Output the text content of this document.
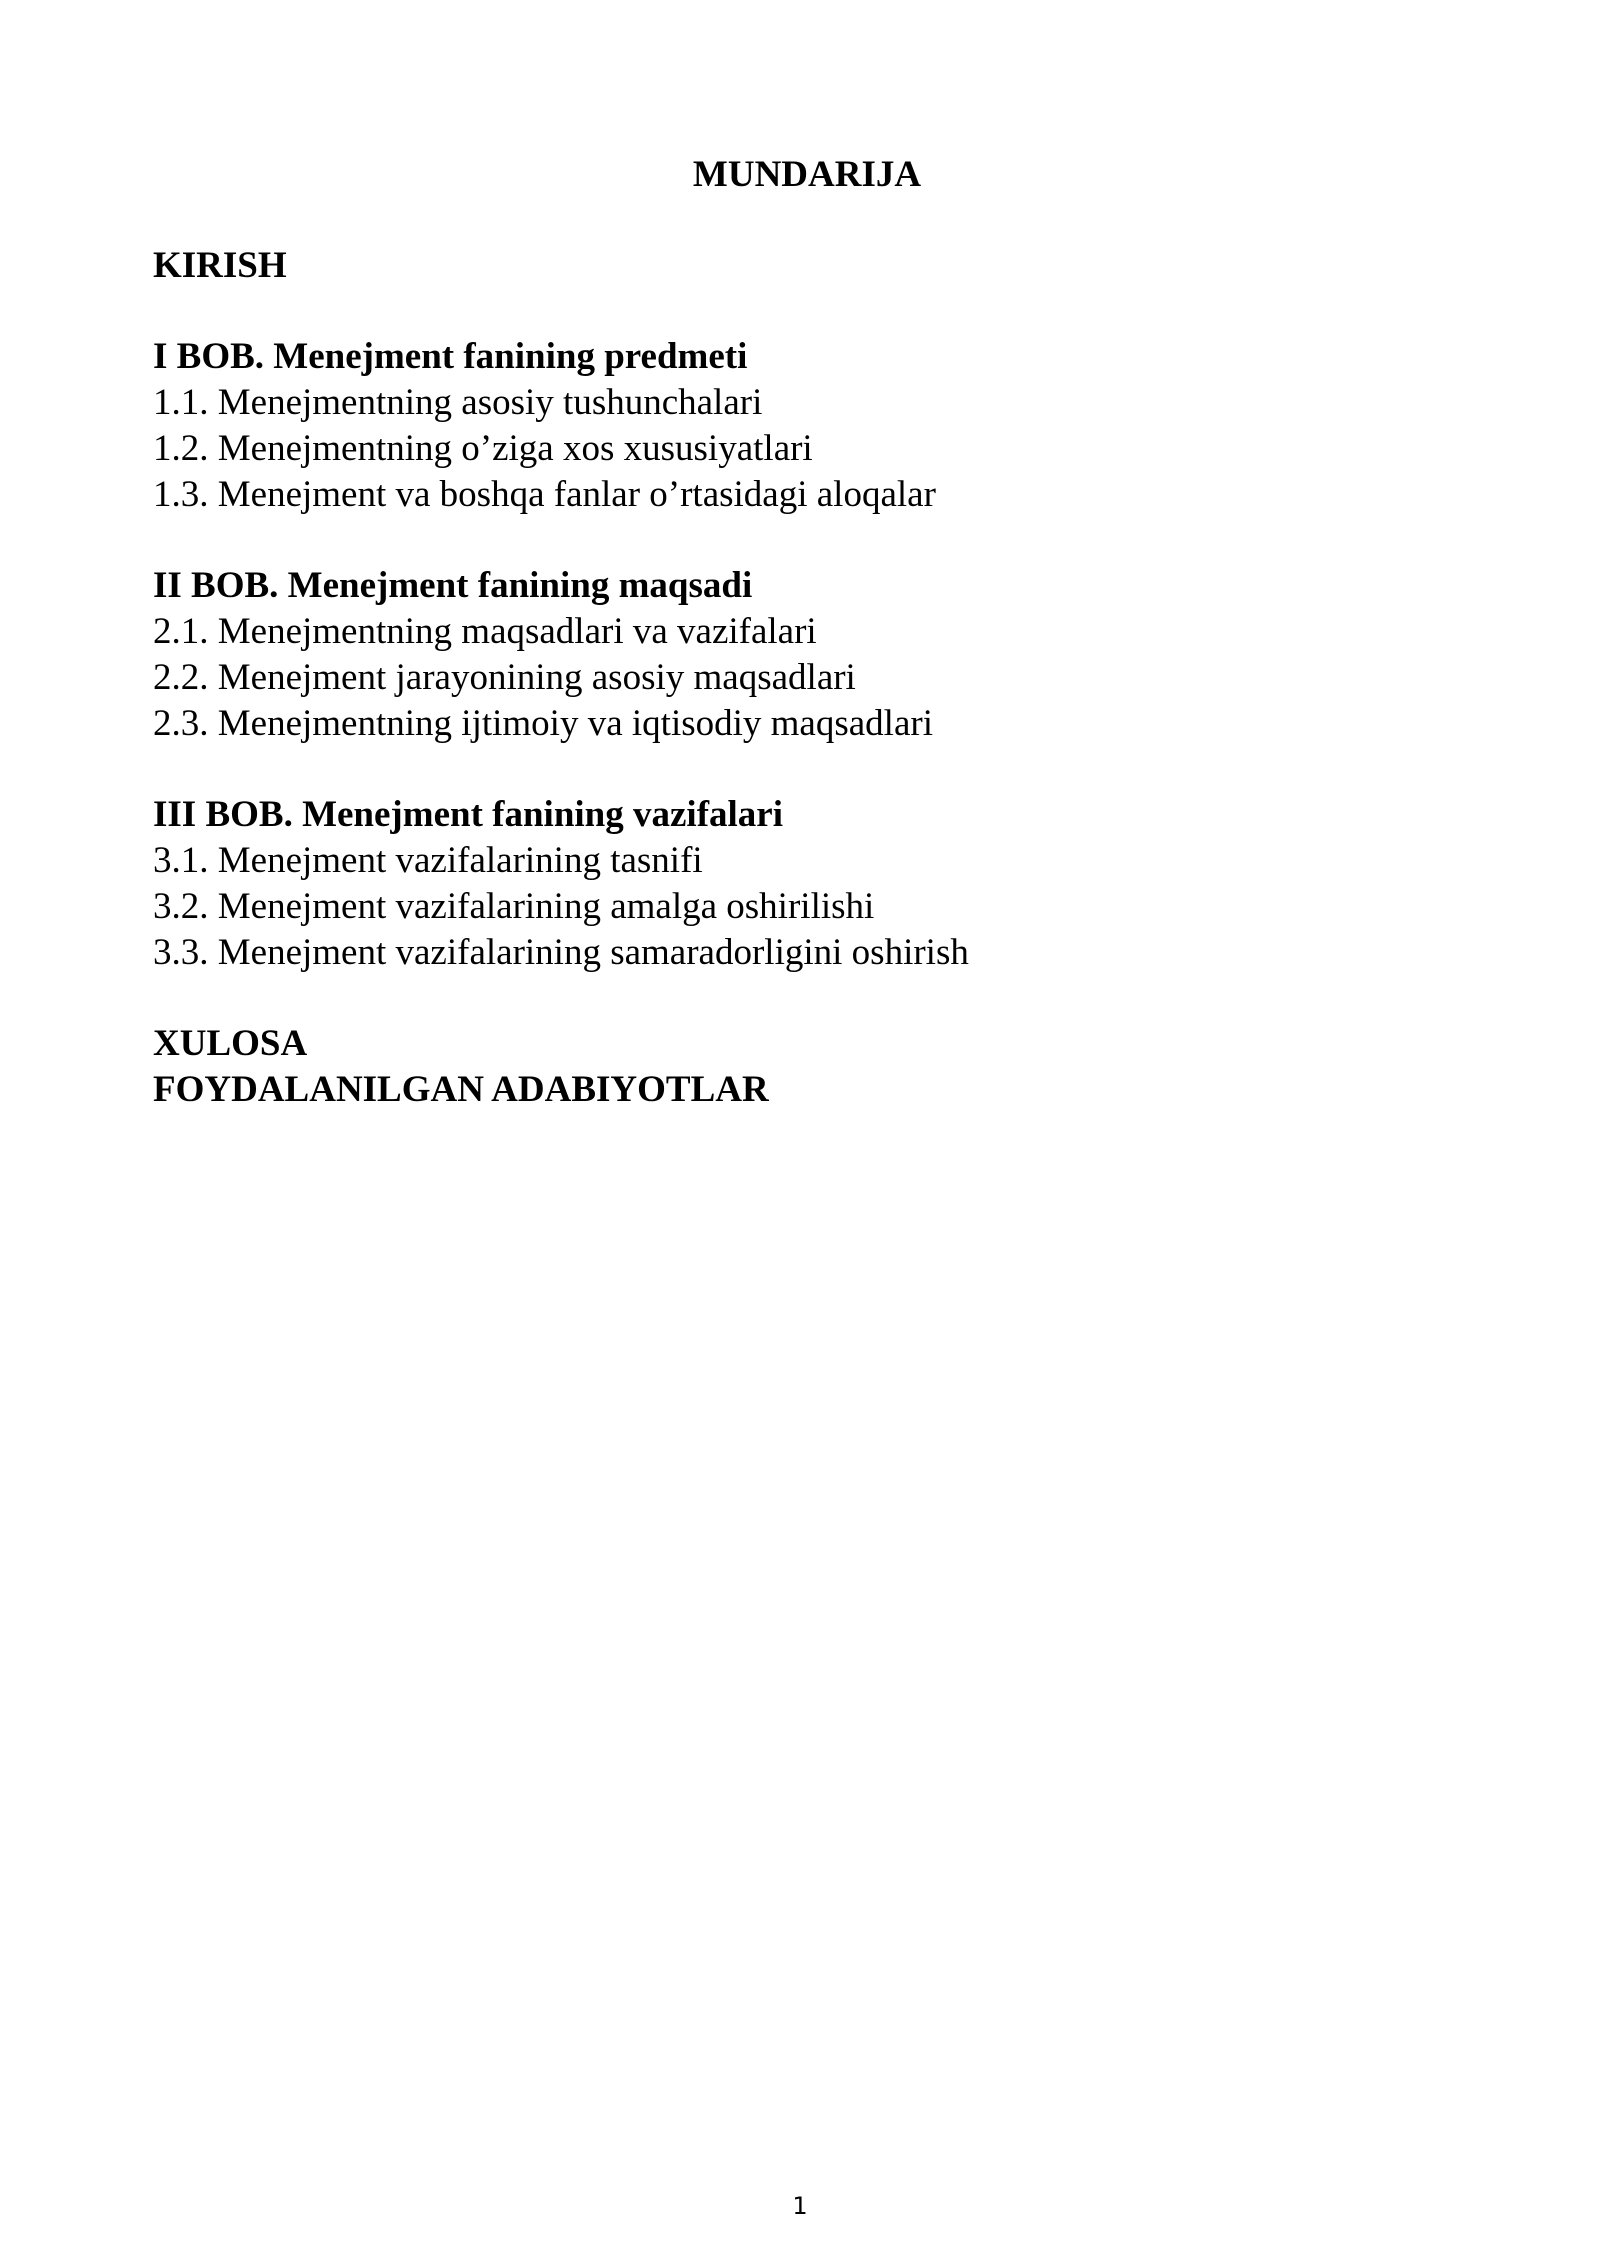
MUNDARIJA

KIRISH

I BOB. Menejment fanining predmeti

1.1. Menejmentning asosiy tushunchalari

1.2. Menejmentning o’ziga xos xususiyatlari

1.3. Menejment va boshqa fanlar o’rtasidagi aloqalar

II BOB. Menejment fanining maqsadi

2.1. Menejmentning maqsadlari va vazifalari

2.2. Menejment jarayonining asosiy maqsadlari

2.3. Menejmentning ijtimoiy va iqtisodiy maqsadlari

III BOB. Menejment fanining vazifalari

3.1. Menejment vazifalarining tasnifi

3.2. Menejment vazifalarining amalga oshirilishi

3.3. Menejment vazifalarining samaradorligini oshirish

XULOSA

FOYDALANILGAN ADABIYOTLAR

1
